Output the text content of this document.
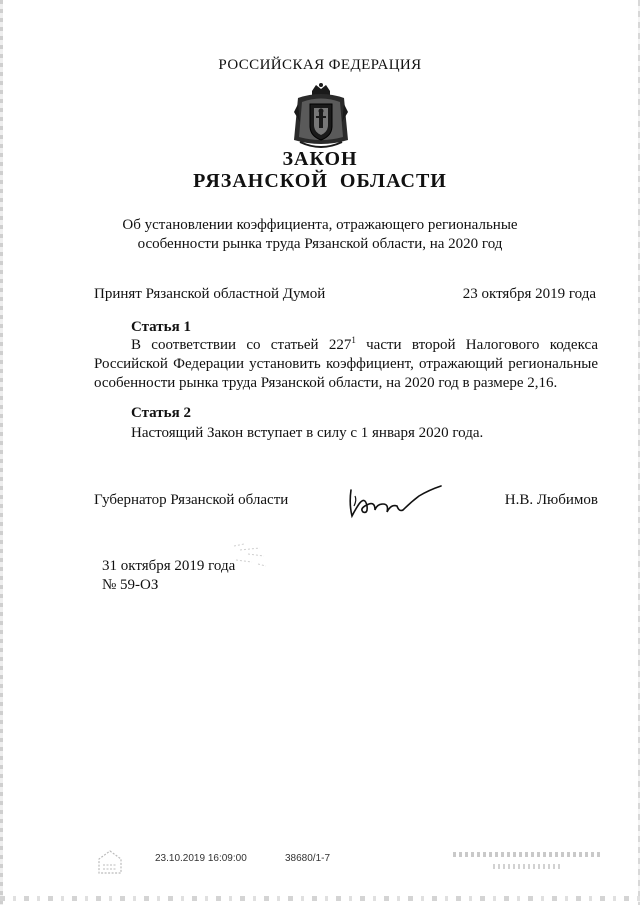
РОССИЙСКАЯ ФЕДЕРАЦИЯ
ЗАКОН
РЯЗАНСКОЙ ОБЛАСТИ
Об установлении коэффициента, отражающего региональные
особенности рынка труда Рязанской области, на 2020 год
Принят Рязанской областной Думой	23 октября 2019 года
Статья 1
В соответствии со статьей $227^1$ части второй Налогового кодекса Российской Федерации установить коэффициент, отражающий региональные особенности рынка труда Рязанской области, на 2020 год в размере 2,16.
Статья 2
Настоящий Закон вступает в силу с 1 января 2020 года.
Губернатор Рязанской области	Н.В. Любимов
31 октября 2019 года
№ 59-ОЗ
23.10.2019 16:09:00	38680/1-7
